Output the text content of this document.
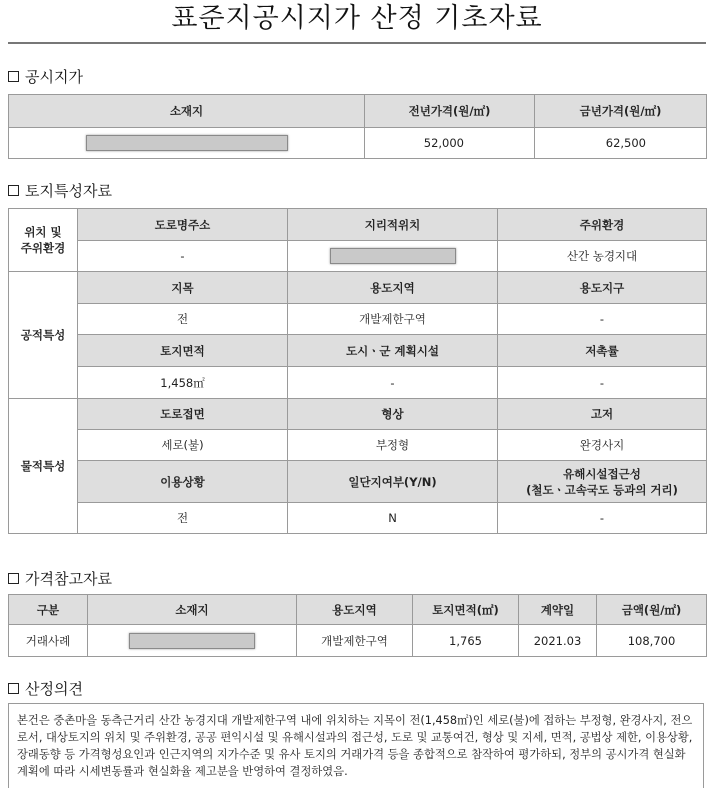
표준지공시지가 산정 기초자료
공시지가
소재지	전년가격(원/㎡)	금년가격(원/㎡)
	52,000	62,500
토지특성자료
위치 및
주위환경	도로명주소	지리적위치	주위환경
	-		산간 농경지대
공적특성	지목	용도지역	용도지구
	전	개발제한구역	-
	토지면적	도시ㆍ군 계획시설	저촉률
	1,458㎡	-	-
물적특성	도로접면	형상	고저
	세로(불)	부정형	완경사지
	이용상황	일단지여부(Y/N)	유해시설접근성
(철도ㆍ고속국도 등과의 거리)
	전	N	-
가격참고자료
구분	소재지	용도지역	토지면적(㎡)	계약일	금액(원/㎡)
거래사례		개발제한구역	1,765	2021.03	108,700
산정의견
본건은 중촌마을 동측근거리 산간 농경지대 개발제한구역 내에 위치하는 지목이 전(1,458㎡)인 세로(불)에 접하는 부정형, 완경사지, 전으로서, 대상토지의 위치 및 주위환경, 공공 편익시설 및 유해시설과의 접근성, 도로 및 교통여건, 형상 및 지세, 면적, 공법상 제한, 이용상황, 장래동향 등 가격형성요인과 인근지역의 지가수준 및 유사 토지의 거래가격 등을 종합적으로 참작하여 평가하되, 정부의 공시가격 현실화 계획에 따라 시세변동률과 현실화율 제고분을 반영하여 결정하였음.
